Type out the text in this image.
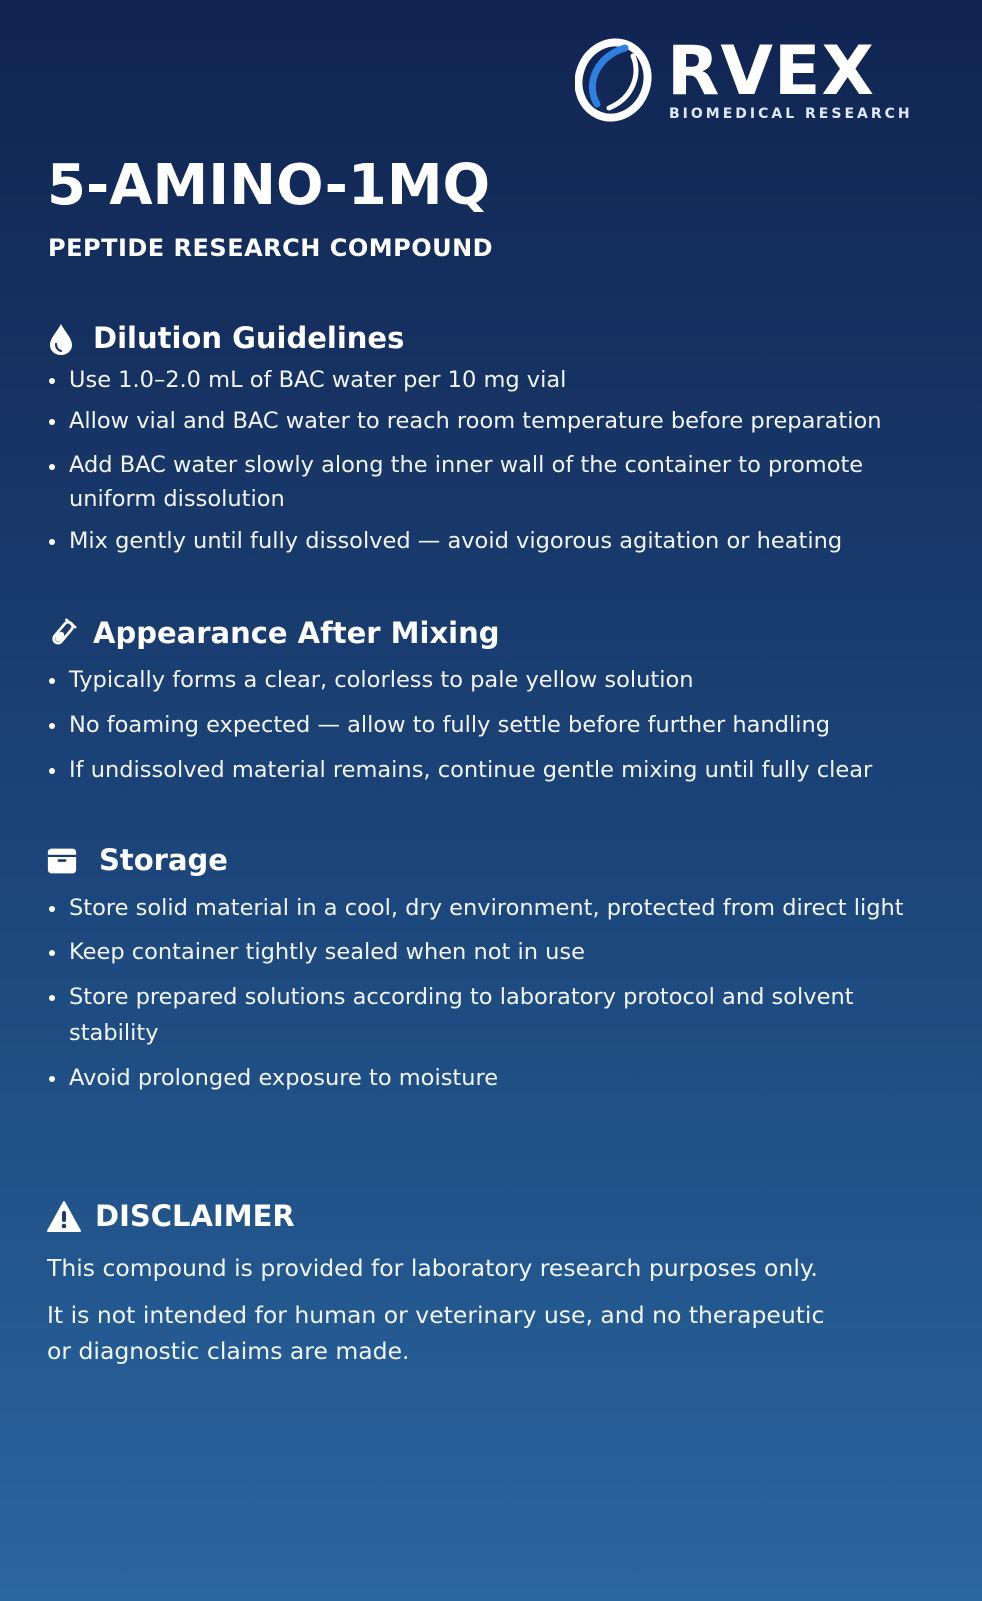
RVEX
BIOMEDICAL RESEARCH
5-AMINO-1MQ
PEPTIDE RESEARCH COMPOUND
Dilution Guidelines
Use 1.0–2.0 mL of BAC water per 10 mg vial
Allow vial and BAC water to reach room temperature before preparation
Add BAC water slowly along the inner wall of the container to promote uniform dissolution
Mix gently until fully dissolved — avoid vigorous agitation or heating
Appearance After Mixing
Typically forms a clear, colorless to pale yellow solution
No foaming expected — allow to fully settle before further handling
If undissolved material remains, continue gentle mixing until fully clear
Storage
Store solid material in a cool, dry environment, protected from direct light
Keep container tightly sealed when not in use
Store prepared solutions according to laboratory protocol and solvent stability
Avoid prolonged exposure to moisture
DISCLAIMER

This compound is provided for laboratory research purposes only.

It is not intended for human or veterinary use, and no therapeutic or diagnostic claims are made.
